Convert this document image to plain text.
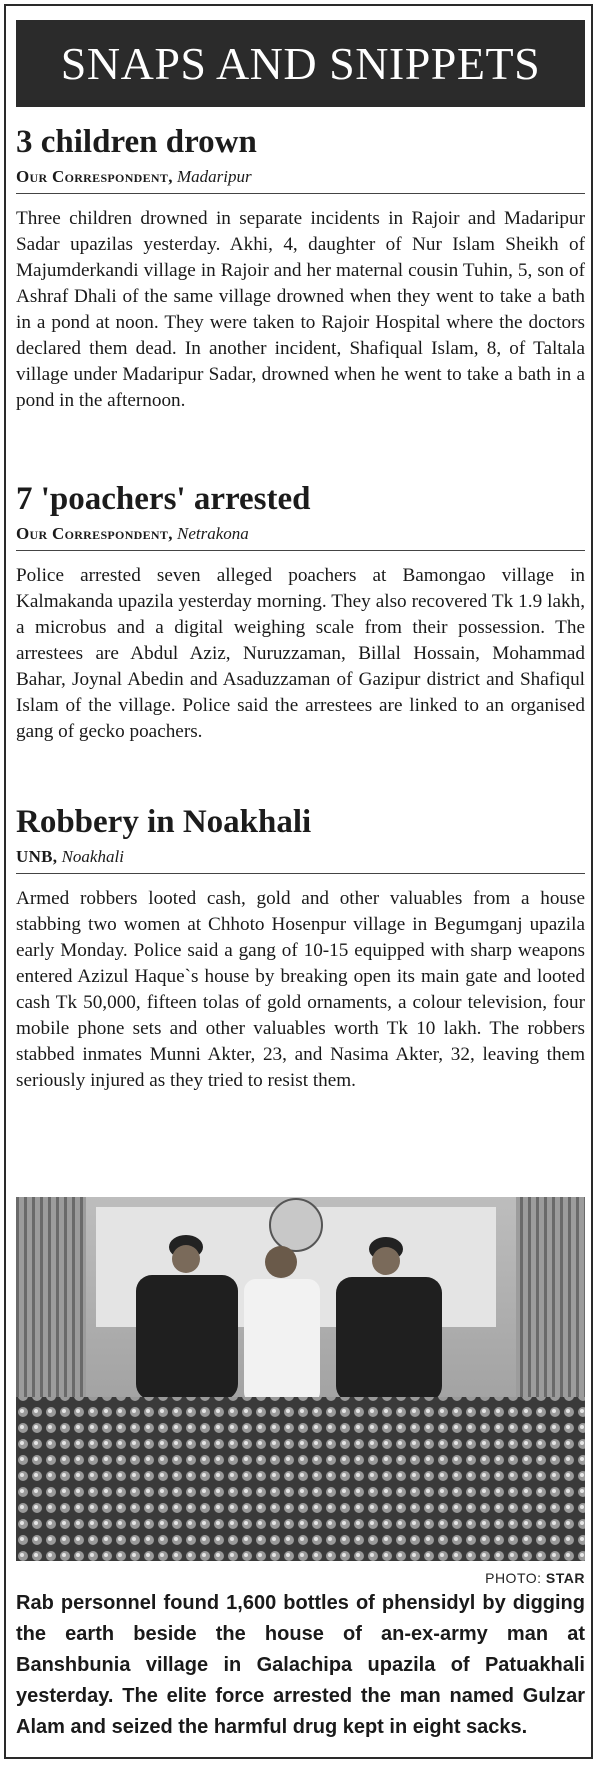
SNAPS AND SNIPPETS
3 children drown
Our Correspondent, Madaripur
Three children drowned in separate incidents in Rajoir and Madaripur Sadar upazilas yesterday. Akhi, 4, daughter of Nur Islam Sheikh of Majumderkandi village in Rajoir and her maternal cousin Tuhin, 5, son of Ashraf Dhali of the same village drowned when they went to take a bath in a pond at noon. They were taken to Rajoir Hospital where the doctors declared them dead. In another incident, Shafiqual Islam, 8, of Taltala village under Madaripur Sadar, drowned when he went to take a bath in a pond in the afternoon.
7 'poachers' arrested
Our Correspondent, Netrakona
Police arrested seven alleged poachers at Bamongao village in Kalmakanda upazila yesterday morning. They also recovered Tk 1.9 lakh, a microbus and a digital weighing scale from their possession. The arrestees are Abdul Aziz, Nuruzzaman, Billal Hossain, Mohammad Bahar, Joynal Abedin and Asaduzzaman of Gazipur district and Shafiqul Islam of the village. Police said the arrestees are linked to an organised gang of gecko poachers.
Robbery in Noakhali
UNB, Noakhali
Armed robbers looted cash, gold and other valuables from a house stabbing two women at Chhoto Hosenpur village in Begumganj upazila early Monday. Police said a gang of 10-15 equipped with sharp weapons entered Azizul Haque`s house by breaking open its main gate and looted cash Tk 50,000, fifteen tolas of gold ornaments, a colour television, four mobile phone sets and other valuables worth Tk 10 lakh. The robbers stabbed inmates Munni Akter, 23, and Nasima Akter, 32, leaving them seriously injured as they tried to resist them.
PHOTO: STAR
Rab personnel found 1,600 bottles of phensidyl by digging the earth beside the house of an-ex-army man at Banshbunia village in Galachipa upazila of Patuakhali yesterday. The elite force arrested the man named Gulzar Alam and seized the harmful drug kept in eight sacks.
